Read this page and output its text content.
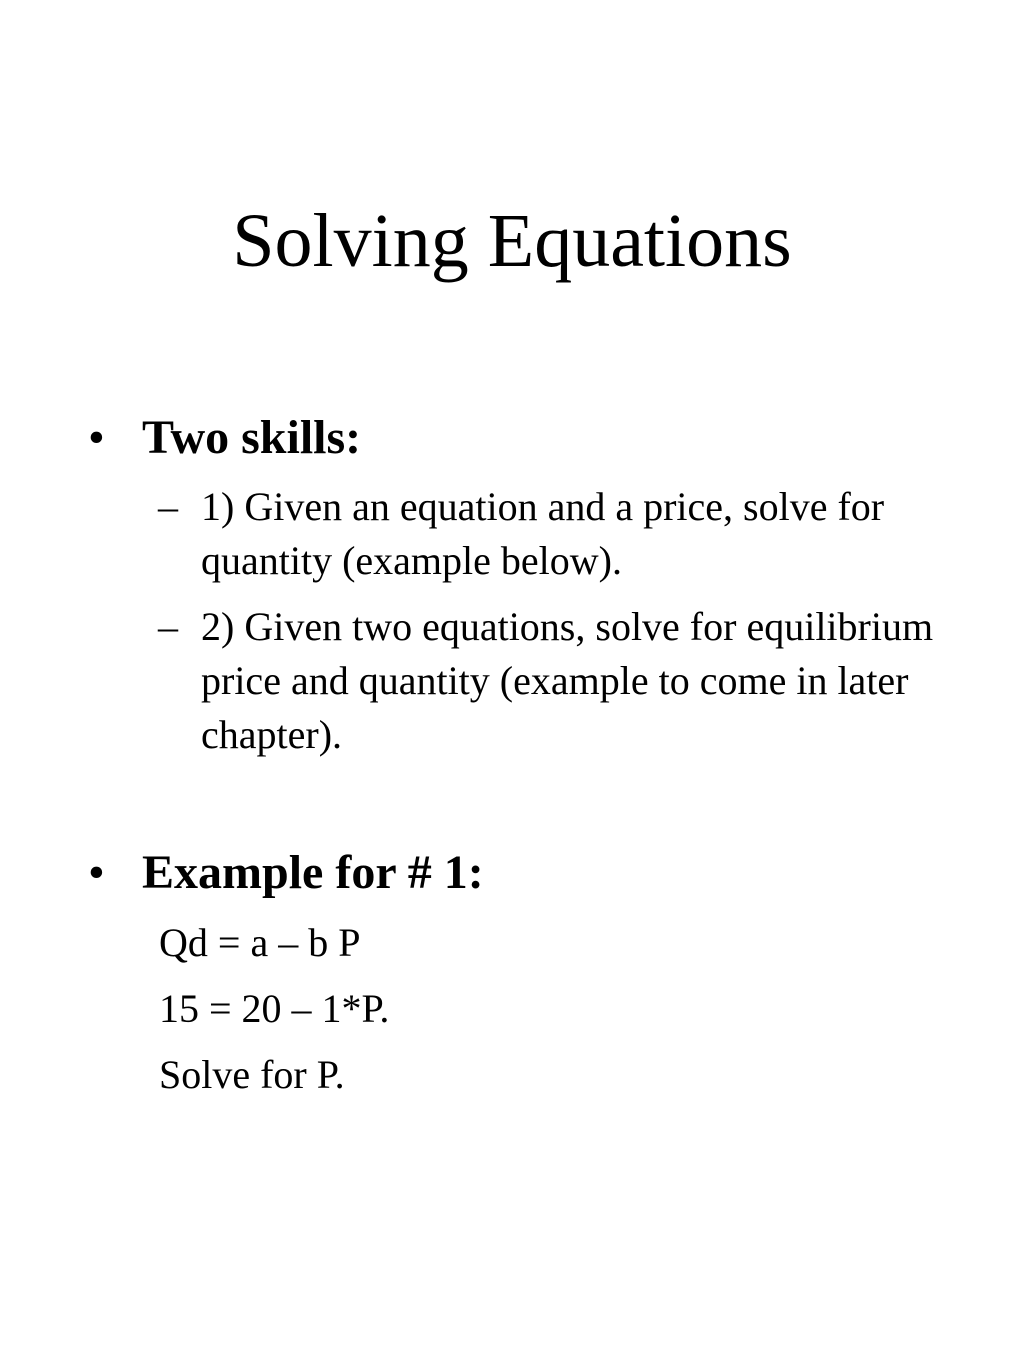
Solving Equations
• Two skills:
– 1) Given an equation and a price, solve for quantity (example below).
– 2) Given two equations, solve for equilibrium price and quantity (example to come in later chapter).
• Example for # 1:
Qd = a – b P
15 = 20 – 1*P.
Solve for P.
